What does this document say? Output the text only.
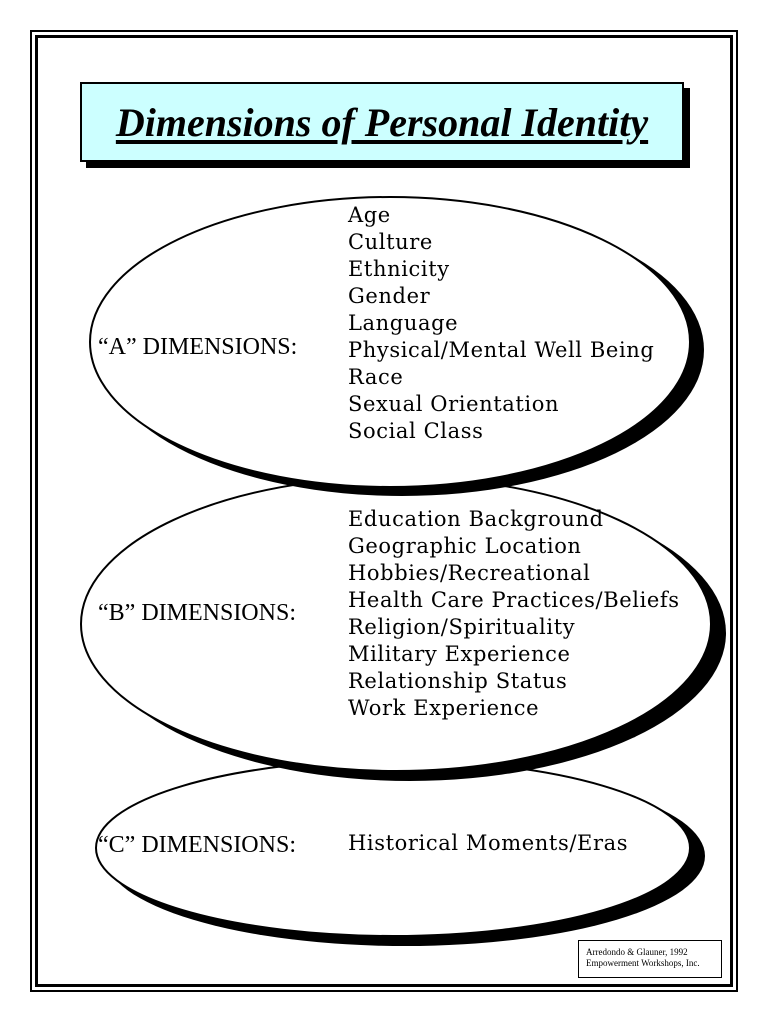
Dimensions of Personal Identity
“A” DIMENSIONS:
Age
Culture
Ethnicity
Gender
Language
Physical/Mental Well Being
Race
Sexual Orientation
Social Class
“B” DIMENSIONS:
Education Background
Geographic Location
Hobbies/Recreational
Health Care Practices/Beliefs
Religion/Spirituality
Military Experience
Relationship Status
Work Experience
“C” DIMENSIONS: Historical Moments/Eras
Arredondo & Glauner, 1992
Empowerment Workshops, Inc.
